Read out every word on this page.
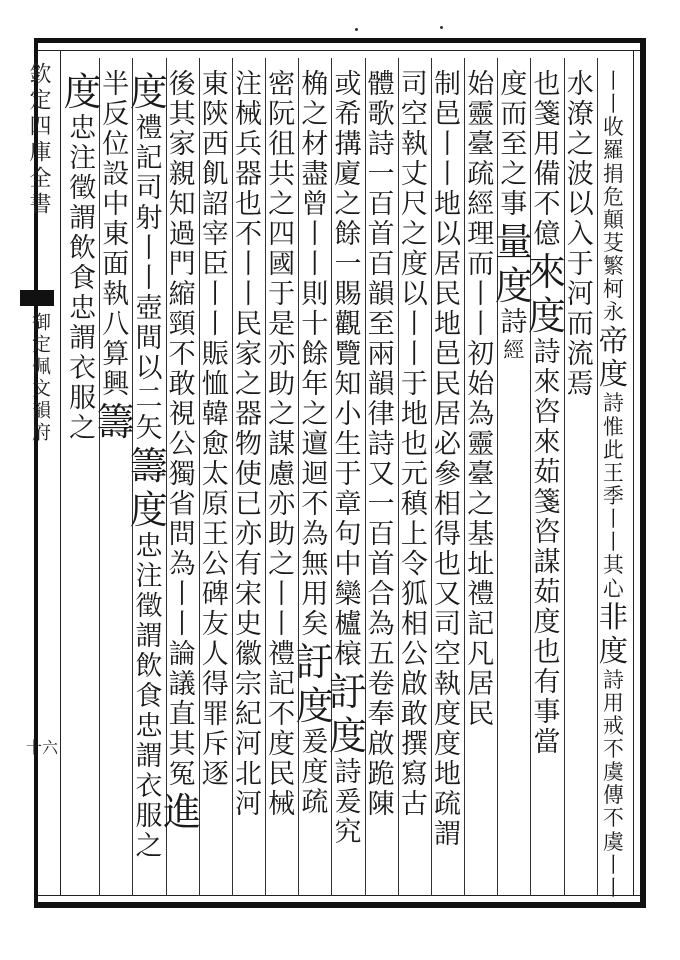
欽定四庫全書
御定佩文韻府
十六
丨
丨
收
羅
捐
危
顛
芟
繁
柯
永
帝
度
詩
惟
此
王
季
丨
丨
其
心
非
度
詩
用
戒
不
虞
傳
不
虞
丨
丨
水
潦
之
波
以
入
于
河
而
流
焉
也
箋
用
備
不
億
來
度
詩
來
咨
來
茹
箋
咨
謀
茹
度
也
有
事
當
度
而
至
之
事
量
度
詩
經
始
靈
臺
疏
經
理
而
丨
丨
初
始
為
靈
臺
之
基
址
禮
記
凡
居
民
制
邑
丨
丨
地
以
居
民
地
邑
民
居
必
參
相
得
也
又
司
空
執
度
度
地
疏
謂
司
空
執
丈
尺
之
度
以
丨
丨
于
地
也
元
稹
上
令
狐
相
公
啟
敢
撰
寫
古
體
歌
詩
一
百
首
百
韻
至
兩
韻
律
詩
又
一
百
首
合
為
五
卷
奉
啟
跪
陳
或
希
搆
廈
之
餘
一
賜
觀
覽
知
小
生
于
章
句
中
欒
櫨
榱
訏
度
詩
爰
究
桷
之
材
盡
曾
丨
丨
則
十
餘
年
之
邅
迴
不
為
無
用
矣
訏
度
爰
度
疏
密
阮
徂
共
之
四
國
于
是
亦
助
之
謀
慮
亦
助
之
丨
丨
禮
記
不
度
民
械
注
械
兵
器
也
不
丨
丨
民
家
之
器
物
使
已
亦
有
宋
史
徽
宗
紀
河
北
河
東
陝
西
飢
詔
宰
臣
丨
丨
賑
恤
韓
愈
太
原
王
公
碑
友
人
得
罪
斥
逐
後
其
家
親
知
過
門
縮
頸
不
敢
視
公
獨
省
問
為
丨
丨
論
議
直
其
冤
進
度
禮
記
司
射
丨
丨
壺
間
以
二
矢
籌
度
忠
注
徵
謂
飲
食
忠
謂
衣
服
之
半
反
位
設
中
東
面
執
八
算
興
籌
度
忠
注
徵
謂
飲
食
忠
謂
衣
服
之
